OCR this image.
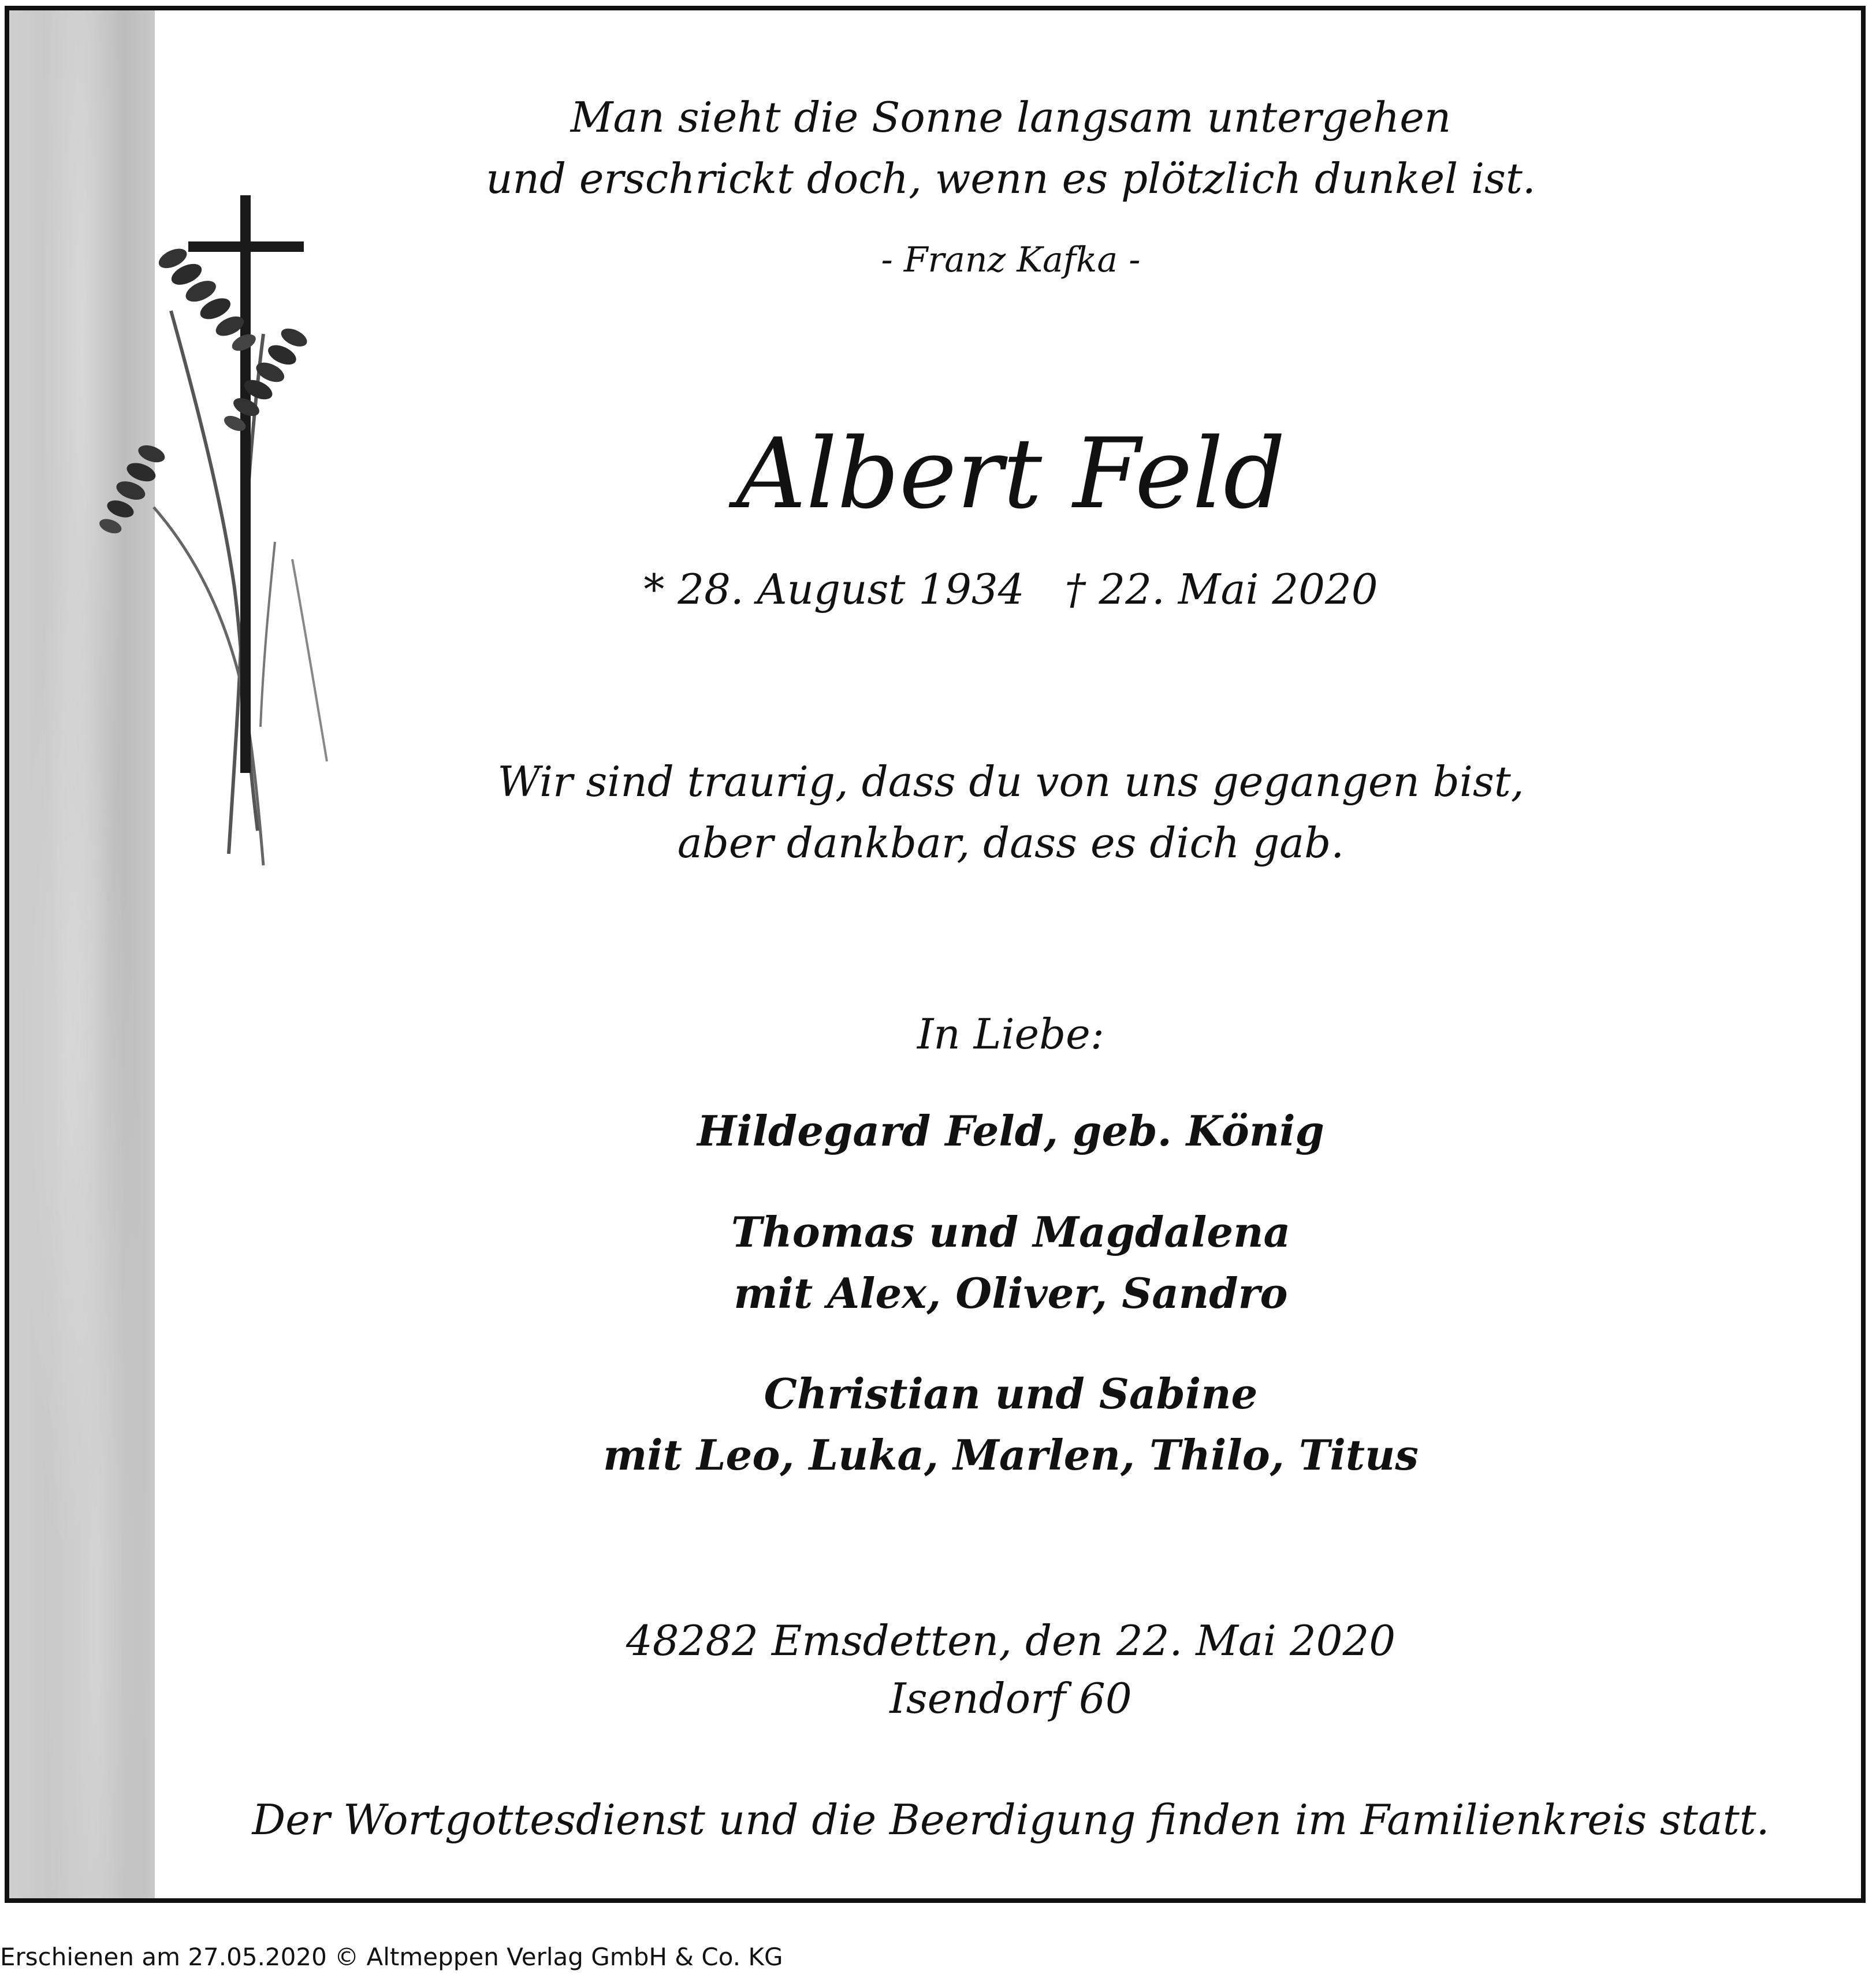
Man sieht die Sonne langsam untergehen
und erschrickt doch, wenn es plötzlich dunkel ist.
- Franz Kafka -
Albert Feld
* 28. August 1934 † 22. Mai 2020
Wir sind traurig, dass du von uns gegangen bist,
aber dankbar, dass es dich gab.
In Liebe:
Hildegard Feld, geb. König
Thomas und Magdalena
mit Alex, Oliver, Sandro
Christian und Sabine
mit Leo, Luka, Marlen, Thilo, Titus
48282 Emsdetten, den 22. Mai 2020
Isendorf 60
Der Wortgottesdienst und die Beerdigung finden im Familienkreis statt.
Erschienen am 27.05.2020 © Altmeppen Verlag GmbH & Co. KG
